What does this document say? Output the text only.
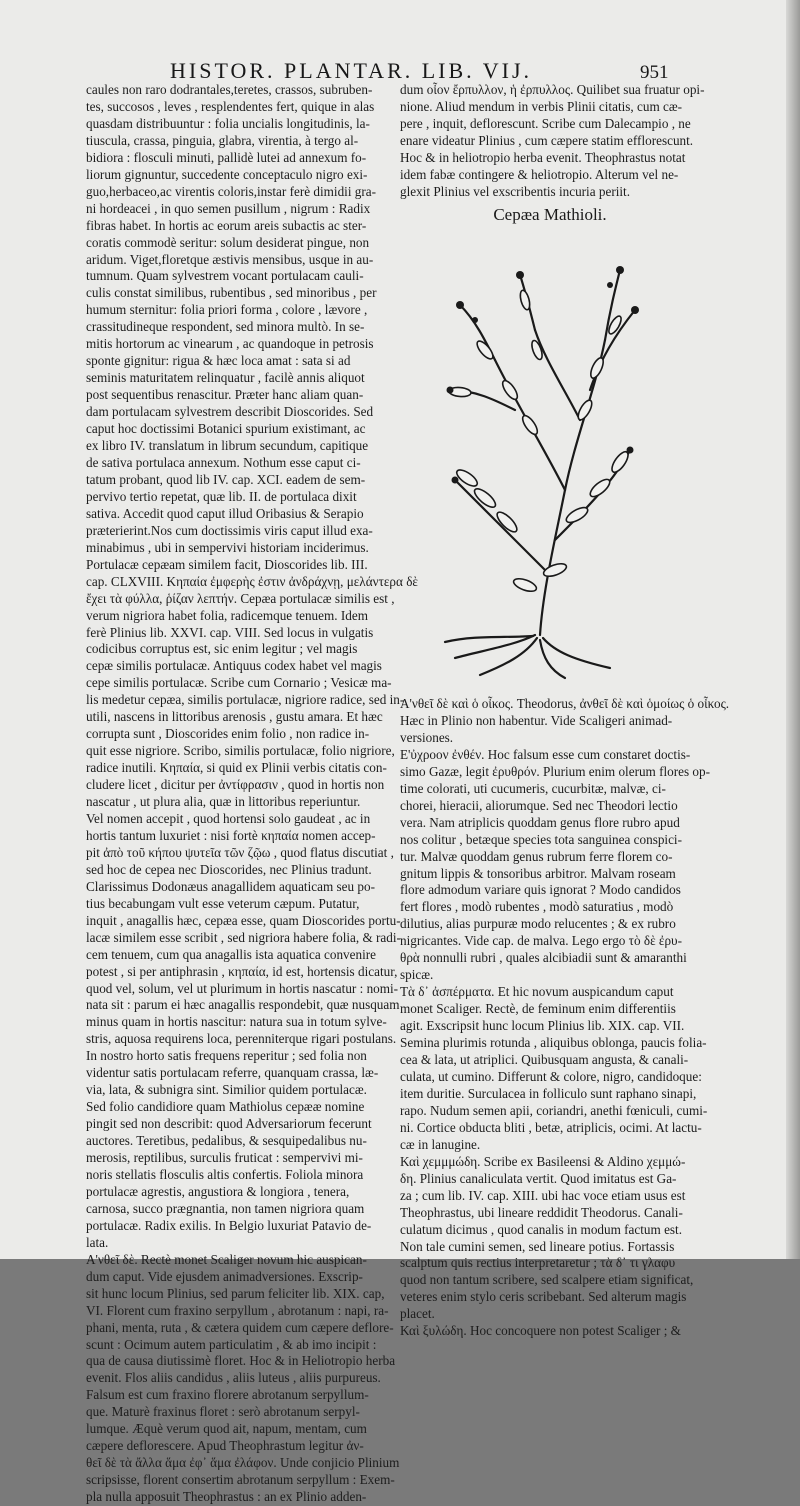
HISTOR. PLANTAR. LIB. VIJ.	951

caules non raro dodrantales,teretes, crassos, subruben-

tes, succosos , leves , resplendentes fert, quique in alas

quasdam distribuuntur : folia uncialis longitudinis, la-

tiuscula, crassa, pinguia, glabra, virentia, à tergo al-

bidiora : flosculi minuti, pallidè lutei ad annexum fo-

liorum gignuntur, succedente conceptaculo nigro exi-

guo,herbaceo,ac virentis coloris,instar ferè dimidii gra-

ni hordeacei , in quo semen pusillum , nigrum : Radix

fibras habet. In hortis ac eorum areis subactis ac ster-

coratis commodè seritur: solum desiderat pingue, non

aridum. Viget,floretque æstivis mensibus, usque in au-

tumnum. Quam sylvestrem vocant portulacam cauli-

culis constat similibus, rubentibus , sed minoribus , per

humum sternitur: folia priori forma , colore , lævore ,

crassitudineque respondent, sed minora multò. In se-

mitis hortorum ac vinearum , ac quandoque in petrosis

sponte gignitur: rigua & hæc loca amat : sata si ad

seminis maturitatem relinquatur , facilè annis aliquot

post sequentibus renascitur. Præter hanc aliam quan-

dam portulacam sylvestrem describit Dioscorides. Sed

caput hoc doctissimi Botanici spurium existimant, ac

ex libro IV. translatum in librum secundum, capitique

de sativa portulaca annexum. Nothum esse caput ci-

tatum probant, quod lib IV. cap. XCI. eadem de sem-

pervivo tertio repetat, quæ lib. II. de portulaca dixit

sativa. Accedit quod caput illud Oribasius & Serapio

præterierint.Nos cum doctissimis viris caput illud exa-

minabimus , ubi in sempervivi historiam inciderimus.

Portulacæ cepæam similem facit, Dioscorides lib. III.

cap. CLXVIII. Κηπαία ἐμφερὴς ἐστιν ἀνδράχνῃ, μελάντερα δὲ

ἔχει τὰ φύλλα, ῥίζαν λεπτήν. Cepæa portulacæ similis est ,

verum nigriora habet folia, radicemque tenuem. Idem

ferè Plinius lib. XXVI. cap. VIII. Sed locus in vulgatis

codicibus corruptus est, sic enim legitur ; vel magis

cepæ similis portulacæ. Antiquus codex habet vel magis

cepe similis portulacæ. Scribe cum Cornario ; Vesicæ ma-

lis medetur cepæa, similis portulacæ, nigriore radice, sed in-

utili, nascens in littoribus arenosis , gustu amara. Et hæc

corrupta sunt , Dioscorides enim folio , non radice in-

quit esse nigriore. Scribo, similis portulacæ, folio nigriore,

radice inutili. Κηπαία, si quid ex Plinii verbis citatis con-

cludere licet , dicitur per ἀντίφρασιν , quod in hortis non

nascatur , ut plura alia, quæ in littoribus reperiuntur.

Vel nomen accepit , quod hortensi solo gaudeat , ac in

hortis tantum luxuriet : nisi fortè κηπαία nomen accep-

pit ἀπὸ τοῦ κήπου ψυτεῖα τῶν ζῷω , quod flatus discutiat ,

sed hoc de cepea nec Dioscorides, nec Plinius tradunt.

Clarissimus Dodonæus anagallidem aquaticam seu po-

tius becabungam vult esse veterum cæpum. Putatur,

inquit , anagallis hæc, cepæa esse, quam Dioscorides portu-

lacæ similem esse scribit , sed nigriora habere folia, & radi-

cem tenuem, cum qua anagallis ista aquatica convenire

potest , si per antiphrasin , κηπαία, id est, hortensis dicatur,

quod vel, solum, vel ut plurimum in hortis nascatur : nomi-

nata sit : parum ei hæc anagallis respondebit, quæ nusquam

minus quam in hortis nascitur: natura sua in totum sylve-

stris, aquosa requirens loca, perenniterque rigari postulans.

In nostro horto satis frequens reperitur ; sed folia non

videntur satis portulacam referre, quanquam crassa, læ-

via, lata, & subnigra sint. Similior quidem portulacæ.

Sed folio candidiore quam Mathiolus cepææ nomine

pingit sed non describit: quod Adversariorum fecerunt

auctores. Teretibus, pedalibus, & sesquipedalibus nu-

merosis, reptilibus, surculis fruticat : sempervivi mi-

noris stellatis flosculis altis confertis. Foliola minora

portulacæ agrestis, angustiora & longiora , tenera,

carnosa, succo prægnantia, non tamen nigriora quam

portulacæ. Radix exilis. In Belgio luxuriat Patavio de-

lata.

Α'νθεῖ δὲ. Rectè monet Scaliger novum hic auspican-

dum caput. Vide ejusdem animadversiones. Exscrip-

sit hunc locum Plinius, sed parum feliciter lib. XIX. cap,

VI. Florent cum fraxino serpyllum , abrotanum : napi, ra-

phani, menta, ruta , & cætera quidem cum cæpere deflore-

scunt : Ocimum autem particulatim , & ab imo incipit :

qua de causa diutissimè floret. Hoc & in Heliotropio herba

evenit. Flos aliis candidus , aliis luteus , aliis purpureus.

Falsum est cum fraxino florere abrotanum serpyllum-

que. Maturè fraxinus floret : serò abrotanum serpyl-

lumque. Æquè verum quod ait, napum, mentam, cum

cæpere deflorescere. Apud Theophrastum legitur ἀν-

θεῖ δὲ τὰ ἄλλα ἅμα ἐφ᾽ ἅμα ἐλάφον. Unde conjicio Plinium

scripsisse, florent consertim abrotanum serpyllum : Exem-

pla nulla apposuit Theophrastus : an ex Plinio adden-

dum οἷον ἔρπυλλον, ἡ ἐρπυλλος. Quilibet sua fruatur opi-

nione. Aliud mendum in verbis Plinii citatis, cum cæ-

pere , inquit, deflorescunt. Scribe cum Dalecampio , ne

enare videatur Plinius , cum cæpere statim efflorescunt.

Hoc & in heliotropio herba evenit. Theophrastus notat

idem fabæ contingere & heliotropio. Alterum vel ne-

glexit Plinius vel exscribentis incuria periit.

Cepæa Mathioli.

Α'νθεῖ δὲ καὶ ὁ οἶκος. Theodorus, ἀνθεῖ δὲ καὶ ὁμοίως ὁ οἶκος.

Hæc in Plinio non habentur. Vide Scaligeri animad-

versiones.

Ε'ὐχροον ἐνθέν. Hoc falsum esse cum constaret doctis-

simo Gazæ, legit ἐρυθρόν. Plurium enim olerum flores op-

time colorati, uti cucumeris, cucurbitæ, malvæ, ci-

chorei, hieracii, aliorumque. Sed nec Theodori lectio

vera. Nam atriplicis quoddam genus flore rubro apud

nos colitur , betæque species tota sanguinea conspici-

tur. Malvæ quoddam genus rubrum ferre florem co-

gnitum lippis & tonsoribus arbitror. Malvam roseam

flore admodum variare quis ignorat ? Modo candidos

fert flores , modò rubentes , modò saturatius , modò

dilutius, alias purpuræ modo relucentes ; & ex rubro

nigricantes. Vide cap. de malva. Lego ergo τὸ δὲ ἐρυ-

θρὰ nonnulli rubri , quales alcibiadii sunt & amaranthi

spicæ.

Τὰ δ᾽ ἀσπέρματα. Et hic novum auspicandum caput

monet Scaliger. Rectè, de feminum enim differentiis

agit. Exscripsit hunc locum Plinius lib. XIX. cap. VII.

Semina plurimis rotunda , aliquibus oblonga, paucis folia-

cea & lata, ut atriplici. Quibusquam angusta, & canali-

culata, ut cumino. Differunt & colore, nigro, candidoque:

item duritie. Surculacea in folliculo sunt raphano sinapi,

rapo. Nudum semen apii, coriandri, anethi fœniculi, cumi-

ni. Cortice obducta bliti , betæ, atriplicis, ocimi. At lactu-

cæ in lanugine.

Καὶ χεμμμώδη. Scribe ex Basileensi & Aldino χεμμώ-

δη. Plinius canaliculata vertit. Quod imitatus est Ga-

za ; cum lib. IV. cap. XIII. ubi hac voce etiam usus est

Theophrastus, ubi lineare reddidit Theodorus. Canali-

culatum dicimus , quod canalis in modum factum est.

Non tale cumini semen, sed lineare potius. Fortassis

scalptum quis rectius interpretaretur ; τὰ δ᾽ τι γλαφυ

quod non tantum scribere, sed scalpere etiam significat,

veteres enim stylo ceris scribebant. Sed alterum magis

placet.

Καὶ ξυλώδη. Hoc concoquere non potest Scaliger ; &
